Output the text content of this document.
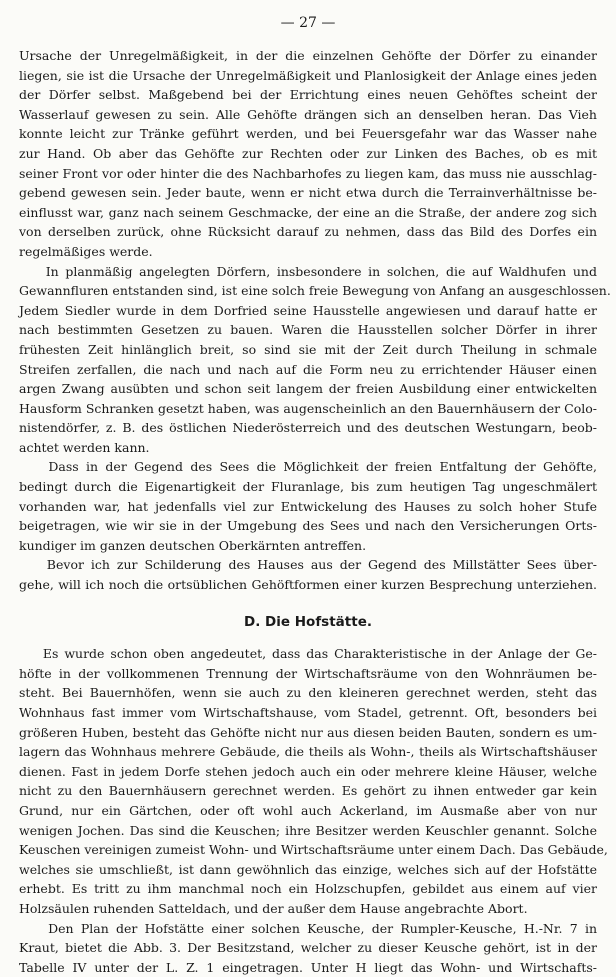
— 27 —
Ursache der Unregelmäßigkeit, in der die einzelnen Gehöfte der Dörfer zu einander
liegen, sie ist die Ursache der Unregelmäßigkeit und Planlosigkeit der Anlage eines jeden
der Dörfer selbst. Maßgebend bei der Errichtung eines neuen Gehöftes scheint der
Wasserlauf gewesen zu sein. Alle Gehöfte drängen sich an denselben heran. Das Vieh
konnte leicht zur Tränke geführt werden, und bei Feuersgefahr war das Wasser nahe
zur Hand. Ob aber das Gehöfte zur Rechten oder zur Linken des Baches, ob es mit
seiner Front vor oder hinter die des Nachbarhofes zu liegen kam, das muss nie ausschlag-
gebend gewesen sein. Jeder baute, wenn er nicht etwa durch die Terrainverhältnisse be-
einflusst war, ganz nach seinem Geschmacke, der eine an die Straße, der andere zog sich
von derselben zurück, ohne Rücksicht darauf zu nehmen, dass das Bild des Dorfes ein
regelmäßiges werde.
In planmäßig angelegten Dörfern, insbesondere in solchen, die auf Waldhufen und
Gewannfluren entstanden sind, ist eine solch freie Bewegung von Anfang an ausgeschlossen.
Jedem Siedler wurde in dem Dorfried seine Hausstelle angewiesen und darauf hatte er
nach bestimmten Gesetzen zu bauen. Waren die Hausstellen solcher Dörfer in ihrer
frühesten Zeit hinlänglich breit, so sind sie mit der Zeit durch Theilung in schmale
Streifen zerfallen, die nach und nach auf die Form neu zu errichtender Häuser einen
argen Zwang ausübten und schon seit langem der freien Ausbildung einer entwickelten
Hausform Schranken gesetzt haben, was augenscheinlich an den Bauernhäusern der Colo-
nistendörfer, z. B. des östlichen Niederösterreich und des deutschen Westungarn, beob-
achtet werden kann.
Dass in der Gegend des Sees die Möglichkeit der freien Entfaltung der Gehöfte,
bedingt durch die Eigenartigkeit der Fluranlage, bis zum heutigen Tag ungeschmälert
vorhanden war, hat jedenfalls viel zur Entwickelung des Hauses zu solch hoher Stufe
beigetragen, wie wir sie in der Umgebung des Sees und nach den Versicherungen Orts-
kundiger im ganzen deutschen Oberkärnten antreffen.
Bevor ich zur Schilderung des Hauses aus der Gegend des Millstätter Sees über-
gehe, will ich noch die ortsüblichen Gehöftformen einer kurzen Besprechung unterziehen.
D. Die Hofstätte.
Es wurde schon oben angedeutet, dass das Charakteristische in der Anlage der Ge-
höfte in der vollkommenen Trennung der Wirtschaftsräume von den Wohnräumen be-
steht. Bei Bauernhöfen, wenn sie auch zu den kleineren gerechnet werden, steht das
Wohnhaus fast immer vom Wirtschaftshause, vom Stadel, getrennt. Oft, besonders bei
größeren Huben, besteht das Gehöfte nicht nur aus diesen beiden Bauten, sondern es um-
lagern das Wohnhaus mehrere Gebäude, die theils als Wohn-, theils als Wirtschaftshäuser
dienen. Fast in jedem Dorfe stehen jedoch auch ein oder mehrere kleine Häuser, welche
nicht zu den Bauernhäusern gerechnet werden. Es gehört zu ihnen entweder gar kein
Grund, nur ein Gärtchen, oder oft wohl auch Ackerland, im Ausmaße aber von nur
wenigen Jochen. Das sind die Keuschen; ihre Besitzer werden Keuschler genannt. Solche
Keuschen vereinigen zumeist Wohn- und Wirtschaftsräume unter einem Dach. Das Gebäude,
welches sie umschließt, ist dann gewöhnlich das einzige, welches sich auf der Hofstätte
erhebt. Es tritt zu ihm manchmal noch ein Holzschupfen, gebildet aus einem auf vier
Holzsäulen ruhenden Satteldach, und der außer dem Hause angebrachte Abort.
Den Plan der Hofstätte einer solchen Keusche, der Rumpler-Keusche, H.-Nr. 7 in
Kraut, bietet die Abb. 3. Der Besitzstand, welcher zu dieser Keusche gehört, ist in der
Tabelle IV unter der L. Z. 1 eingetragen. Unter H liegt das Wohn- und Wirtschafts-
